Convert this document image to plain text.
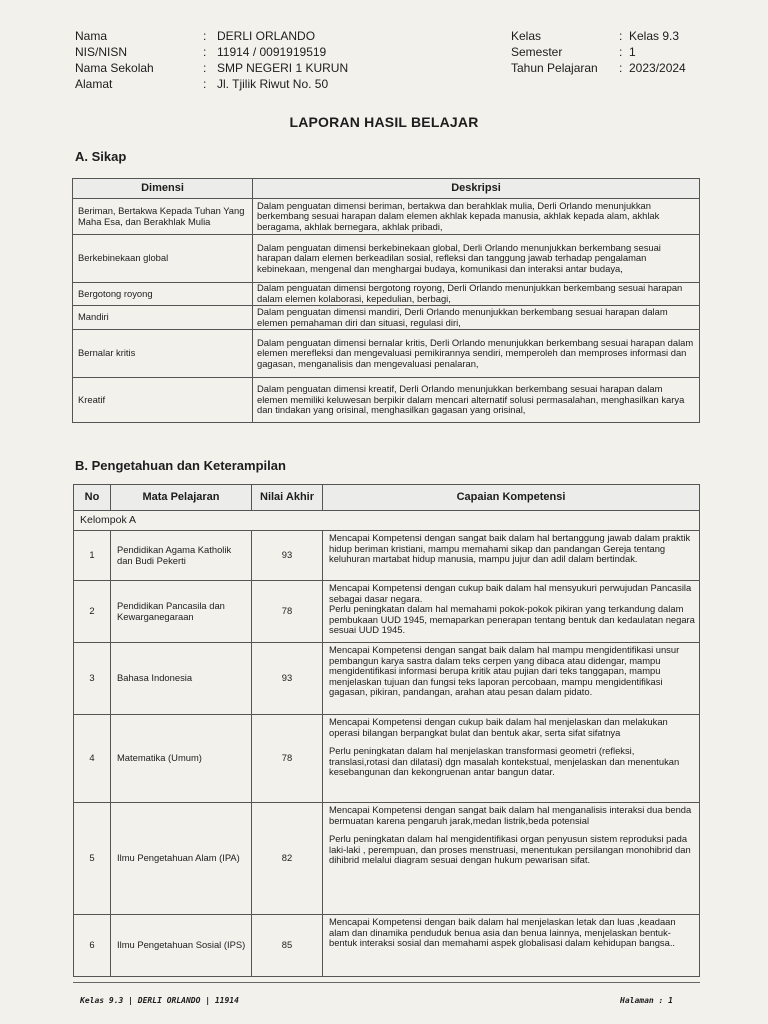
Nama	: DERLI ORLANDO
NIS/NISN	: 11914 / 0091919519
Nama Sekolah	: SMP NEGERI 1 KURUN
Alamat	: Jl. Tjilik Riwut No. 50
Kelas	: Kelas 9.3
Semester	: 1
Tahun Pelajaran	: 2023/2024
LAPORAN HASIL BELAJAR
A. Sikap
Dimensi	Deskripsi
Beriman, Bertakwa Kepada Tuhan Yang Maha Esa, dan Berakhlak Mulia	Dalam penguatan dimensi beriman, bertakwa dan berahklak mulia, Derli Orlando menunjukkan berkembang sesuai harapan dalam elemen akhlak kepada manusia, akhlak kepada alam, akhlak beragama, akhlak bernegara, akhlak pribadi,
Berkebinekaan global	Dalam penguatan dimensi berkebinekaan global, Derli Orlando menunjukkan berkembang sesuai harapan dalam elemen berkeadilan sosial, refleksi dan tanggung jawab terhadap pengalaman kebinekaan, mengenal dan menghargai budaya, komunikasi dan interaksi antar budaya,
Bergotong royong	Dalam penguatan dimensi bergotong royong, Derli Orlando menunjukkan berkembang sesuai harapan dalam elemen kolaborasi, kepedulian, berbagi,
Mandiri	Dalam penguatan dimensi mandiri, Derli Orlando menunjukkan berkembang sesuai harapan dalam elemen pemahaman diri dan situasi, regulasi diri,
Bernalar kritis	Dalam penguatan dimensi bernalar kritis, Derli Orlando menunjukkan berkembang sesuai harapan dalam elemen merefleksi dan mengevaluasi pemikirannya sendiri, memperoleh dan memproses informasi dan gagasan, menganalisis dan mengevaluasi penalaran,
Kreatif	Dalam penguatan dimensi kreatif, Derli Orlando menunjukkan berkembang sesuai harapan dalam elemen memiliki keluwesan berpikir dalam mencari alternatif solusi permasalahan, menghasilkan karya dan tindakan yang orisinal, menghasilkan gagasan yang orisinal,
B. Pengetahuan dan Keterampilan
No	Mata Pelajaran	Nilai Akhir	Capaian Kompetensi
Kelompok A			
1	Pendidikan Agama Katholik dan Budi Pekerti	93	Mencapai Kompetensi dengan sangat baik dalam hal bertanggung jawab dalam praktik hidup beriman kristiani, mampu memahami sikap dan pandangan Gereja tentang keluhuran martabat hidup manusia, mampu jujur dan adil dalam bertindak.

2	Pendidikan Pancasila dan Kewarganegaraan	78	Mencapai Kompetensi dengan cukup baik dalam hal mensyukuri perwujudan Pancasila sebagai dasar negara.
Perlu peningkatan dalam hal memahami pokok-pokok pikiran yang terkandung dalam pembukaan UUD 1945, memaparkan penerapan tentang bentuk dan kedaulatan negara sesuai UUD 1945.

3	Bahasa Indonesia	93	Mencapai Kompetensi dengan sangat baik dalam hal mampu mengidentifikasi unsur pembangun karya sastra dalam teks cerpen yang dibaca atau didengar, mampu mengidentifikasi informasi berupa kritik atau pujian dari teks tanggapan, mampu menjelaskan tujuan dan fungsi teks laporan percobaan, mampu mengidentifikasi gagasan, pikiran, pandangan, arahan atau pesan dalam pidato.

4	Matematika (Umum)	78	Mencapai Kompetensi dengan cukup baik dalam hal menjelaskan dan melakukan operasi bilangan berpangkat bulat dan bentuk akar, serta sifat sifatnya

Perlu peningkatan dalam hal menjelaskan transformasi geometri (refleksi, translasi,rotasi dan dilatasi) dgn masalah kontekstual, menjelaskan dan menentukan kesebangunan dan kekongruenan antar bangun datar.

5	Ilmu Pengetahuan Alam (IPA)	82	Mencapai Kompetensi dengan sangat baik dalam hal menganalisis interaksi dua benda bermuatan karena pengaruh jarak,medan listrik,beda potensial

Perlu peningkatan dalam hal mengidentifikasi organ penyusun sistem reproduksi pada laki-laki , perempuan, dan proses menstruasi, menentukan persilangan monohibrid dan dihibrid melalui diagram sesuai dengan hukum pewarisan sifat.

6	Ilmu Pengetahuan Sosial (IPS)	85	Mencapai Kompetensi dengan baik dalam hal menjelaskan letak dan luas ,keadaan alam dan dinamika penduduk benua asia dan benua lainnya, menjelaskan bentuk-bentuk interaksi sosial dan memahami aspek globalisasi dalam kehidupan bangsa..

Kelas 9.3 | DERLI ORLANDO | 11914	Halaman : 1
